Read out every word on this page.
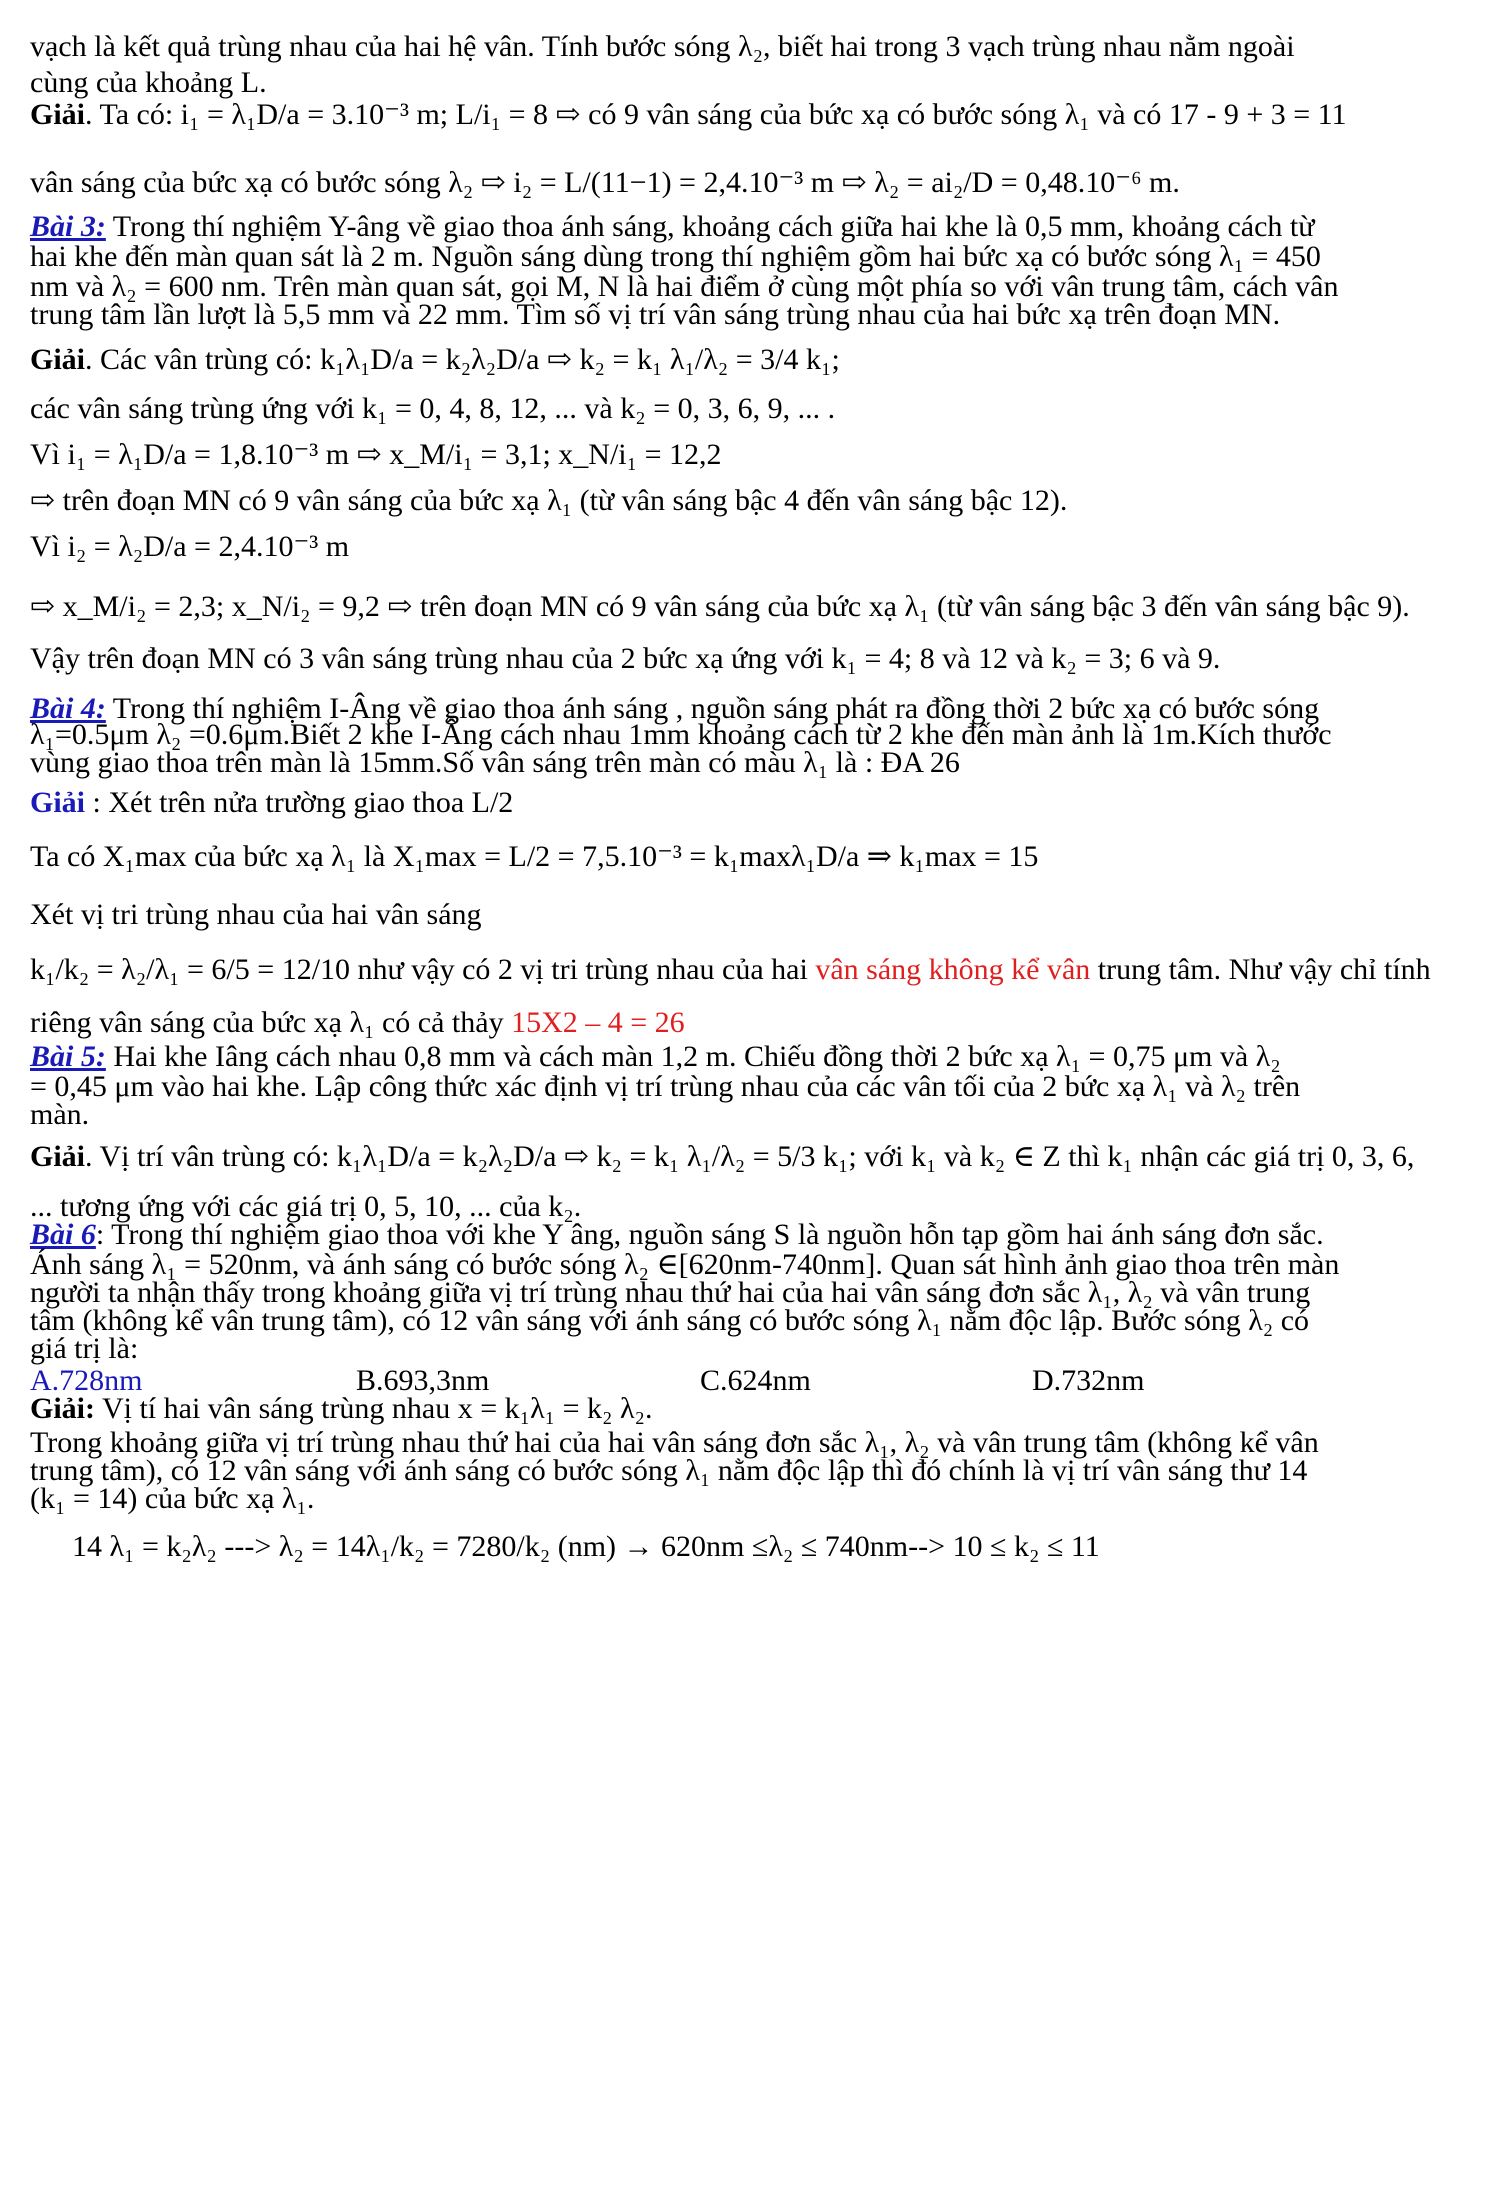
vạch là kết quả trùng nhau của hai hệ vân. Tính bước sóng λ₂, biết hai trong 3 vạch trùng nhau nằm ngoài
cùng của khoảng L.
Giải. Ta có: i₁ = λ₁D/a = 3.10⁻³ m; L/i₁ = 8 ⇨ có 9 vân sáng của bức xạ có bước sóng λ₁ và có 17 - 9 + 3 = 11
vân sáng của bức xạ có bước sóng λ₂ ⇨ i₂ = L/(11−1) = 2,4.10⁻³ m ⇨ λ₂ = ai₂/D = 0,48.10⁻⁶ m.
Bài 3: Trong thí nghiệm Y-âng về giao thoa ánh sáng, khoảng cách giữa hai khe là 0,5 mm, khoảng cách từ
hai khe đến màn quan sát là 2 m. Nguồn sáng dùng trong thí nghiệm gồm hai bức xạ có bước sóng λ₁ = 450
nm và λ₂ = 600 nm. Trên màn quan sát, gọi M, N là hai điểm ở cùng một phía so với vân trung tâm, cách vân
trung tâm lần lượt là 5,5 mm và 22 mm. Tìm số vị trí vân sáng trùng nhau của hai bức xạ trên đoạn MN.
Giải. Các vân trùng có: k₁λ₁D/a = k₂λ₂D/a ⇨ k₂ = k₁ λ₁/λ₂ = 3/4 k₁;
các vân sáng trùng ứng với k₁ = 0, 4, 8, 12, ... và k₂ = 0, 3, 6, 9, ... .
Vì i₁ = λ₁D/a = 1,8.10⁻³ m ⇨ x_M/i₁ = 3,1; x_N/i₁ = 12,2
⇨ trên đoạn MN có 9 vân sáng của bức xạ λ₁ (từ vân sáng bậc 4 đến vân sáng bậc 12).
Vì i₂ = λ₂D/a = 2,4.10⁻³ m
⇨ x_M/i₂ = 2,3; x_N/i₂ = 9,2 ⇨ trên đoạn MN có 9 vân sáng của bức xạ λ₁ (từ vân sáng bậc 3 đến vân sáng bậc 9).
Vậy trên đoạn MN có 3 vân sáng trùng nhau của 2 bức xạ ứng với k₁ = 4; 8 và 12 và k₂ = 3; 6 và 9.
Bài 4: Trong thí nghiệm I-Âng về giao thoa ánh sáng , nguồn sáng phát ra đồng thời 2 bức xạ có bước sóng
λ₁=0.5μm λ₂ =0.6μm.Biết 2 khe I-Âng cách nhau 1mm khoảng cách từ 2 khe đến màn ảnh là 1m.Kích thước
vùng giao thoa trên màn là 15mm.Số vân sáng trên màn có màu λ₁ là : ĐA 26
Giải : Xét trên nửa trường giao thoa L/2
Ta có X₁max của bức xạ λ₁ là X₁max = L/2 = 7,5.10⁻³ = k₁maxλ₁D/a ⇒ k₁max = 15
Xét vị tri trùng nhau của hai vân sáng
k₁/k₂ = λ₂/λ₁ = 6/5 = 12/10 như vậy có 2 vị tri trùng nhau của hai vân sáng không kể vân trung tâm. Như vậy chỉ tính
riêng vân sáng của bức xạ λ₁ có cả thảy 15X2 – 4 = 26
Bài 5: Hai khe Iâng cách nhau 0,8 mm và cách màn 1,2 m. Chiếu đồng thời 2 bức xạ λ₁ = 0,75 μm và λ₂
= 0,45 μm vào hai khe. Lập công thức xác định vị trí trùng nhau của các vân tối của 2 bức xạ λ₁ và λ₂ trên
màn.
Giải. Vị trí vân trùng có: k₁λ₁D/a = k₂λ₂D/a ⇨ k₂ = k₁ λ₁/λ₂ = 5/3 k₁; với k₁ và k₂ ∈ Z thì k₁ nhận các giá trị 0, 3, 6,
... tương ứng với các giá trị 0, 5, 10, ... của k₂.
Bài 6: Trong thí nghiệm giao thoa với khe Y âng, nguồn sáng S là nguồn hỗn tạp gồm hai ánh sáng đơn sắc.
Ánh sáng λ₁ = 520nm, và ánh sáng có bước sóng λ₂ ∈[620nm-740nm]. Quan sát hình ảnh giao thoa trên màn
người ta nhận thấy trong khoảng giữa vị trí trùng nhau thứ hai của hai vân sáng đơn sắc λ₁, λ₂ và vân trung
tâm (không kể vân trung tâm), có 12 vân sáng với ánh sáng có bước sóng λ₁ nằm độc lập. Bước sóng λ₂ có
giá trị là:
A.728nm	B.693,3nm	C.624nm	D.732nm
Giải: Vị tí hai vân sáng trùng nhau x = k₁λ₁ = k₂ λ₂.
Trong khoảng giữa vị trí trùng nhau thứ hai của hai vân sáng đơn sắc λ₁, λ₂ và vân trung tâm (không kể vân
trung tâm), có 12 vân sáng với ánh sáng có bước sóng λ₁ nằm độc lập thì đó chính là vị trí vân sáng thư 14
(k₁ = 14) của bức xạ λ₁.
14 λ₁ = k₂λ₂ ---> λ₂ = 14λ₁/k₂ = 7280/k₂ (nm) → 620nm ≤λ₂ ≤ 740nm--> 10 ≤ k₂ ≤ 11
